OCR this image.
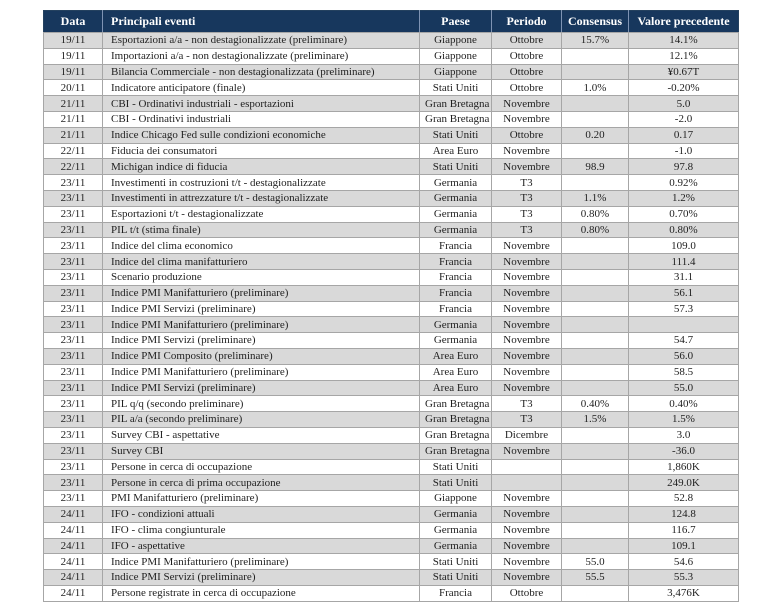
Data	Principali eventi	Paese	Periodo	Consensus	Valore precedente
19/11	Esportazioni a/a - non destagionalizzate (preliminare)	Giappone	Ottobre	15.7%	14.1%
19/11	Importazioni a/a - non destagionalizzate (preliminare)	Giappone	Ottobre		12.1%
19/11	Bilancia Commerciale - non destagionalizzata (preliminare)	Giappone	Ottobre		¥0.67T
20/11	Indicatore anticipatore (finale)	Stati Uniti	Ottobre	1.0%	-0.20%
21/11	CBI - Ordinativi industriali - esportazioni	Gran Bretagna	Novembre		5.0
21/11	CBI - Ordinativi industriali	Gran Bretagna	Novembre		-2.0
21/11	Indice Chicago Fed sulle condizioni economiche	Stati Uniti	Ottobre	0.20	0.17
22/11	Fiducia dei consumatori	Area Euro	Novembre		-1.0
22/11	Michigan indice di fiducia	Stati Uniti	Novembre	98.9	97.8
23/11	Investimenti in costruzioni t/t - destagionalizzate	Germania	T3		0.92%
23/11	Investimenti in attrezzature t/t - destagionalizzate	Germania	T3	1.1%	1.2%
23/11	Esportazioni t/t - destagionalizzate	Germania	T3	0.80%	0.70%
23/11	PIL t/t (stima finale)	Germania	T3	0.80%	0.80%
23/11	Indice del clima economico	Francia	Novembre		109.0
23/11	Indice del clima manifatturiero	Francia	Novembre		111.4
23/11	Scenario produzione	Francia	Novembre		31.1
23/11	Indice PMI Manifatturiero (preliminare)	Francia	Novembre		56.1
23/11	Indice PMI Servizi (preliminare)	Francia	Novembre		57.3
23/11	Indice PMI Manifatturiero (preliminare)	Germania	Novembre		
23/11	Indice PMI Servizi (preliminare)	Germania	Novembre		54.7
23/11	Indice PMI Composito (preliminare)	Area Euro	Novembre		56.0
23/11	Indice PMI Manifatturiero (preliminare)	Area Euro	Novembre		58.5
23/11	Indice PMI Servizi (preliminare)	Area Euro	Novembre		55.0
23/11	PIL q/q (secondo preliminare)	Gran Bretagna	T3	0.40%	0.40%
23/11	PIL a/a (secondo preliminare)	Gran Bretagna	T3	1.5%	1.5%
23/11	Survey CBI - aspettative	Gran Bretagna	Dicembre		3.0
23/11	Survey CBI	Gran Bretagna	Novembre		-36.0
23/11	Persone in cerca di occupazione	Stati Uniti			1,860K
23/11	Persone in cerca di prima occupazione	Stati Uniti			249.0K
23/11	PMI Manifatturiero (preliminare)	Giappone	Novembre		52.8
24/11	IFO - condizioni attuali	Germania	Novembre		124.8
24/11	IFO - clima congiunturale	Germania	Novembre		116.7
24/11	IFO - aspettative	Germania	Novembre		109.1
24/11	Indice PMI Manifatturiero (preliminare)	Stati Uniti	Novembre	55.0	54.6
24/11	Indice PMI Servizi (preliminare)	Stati Uniti	Novembre	55.5	55.3
24/11	Persone registrate in cerca di occupazione	Francia	Ottobre		3,476K
